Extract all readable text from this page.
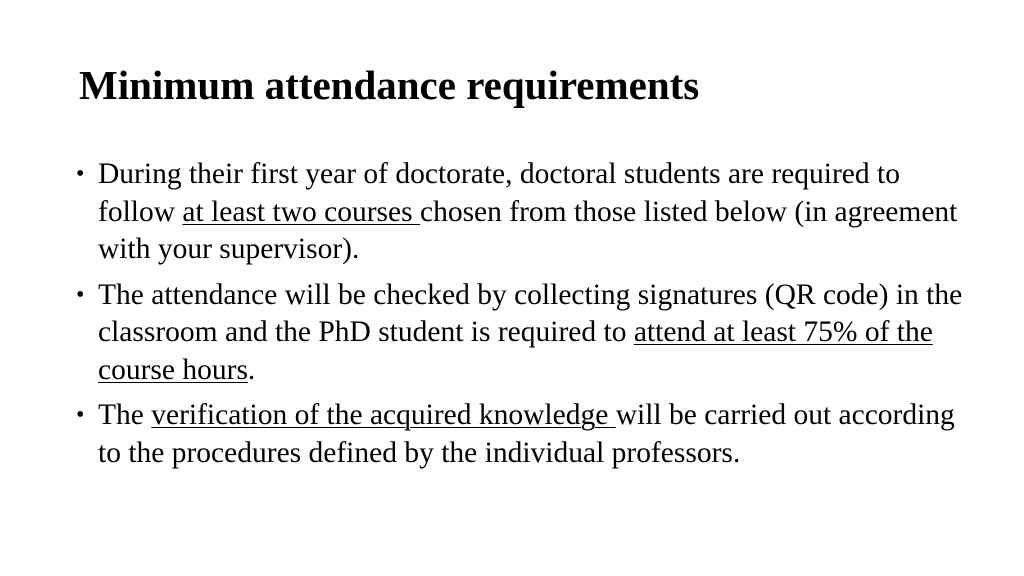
Minimum attendance requirements
• During their first year of doctorate, doctoral students are required to follow at least two courses chosen from those listed below (in agreement with your supervisor).
• The attendance will be checked by collecting signatures (QR code) in the classroom and the PhD student is required to attend at least 75% of the course hours.
• The verification of the acquired knowledge will be carried out according to the procedures defined by the individual professors.
